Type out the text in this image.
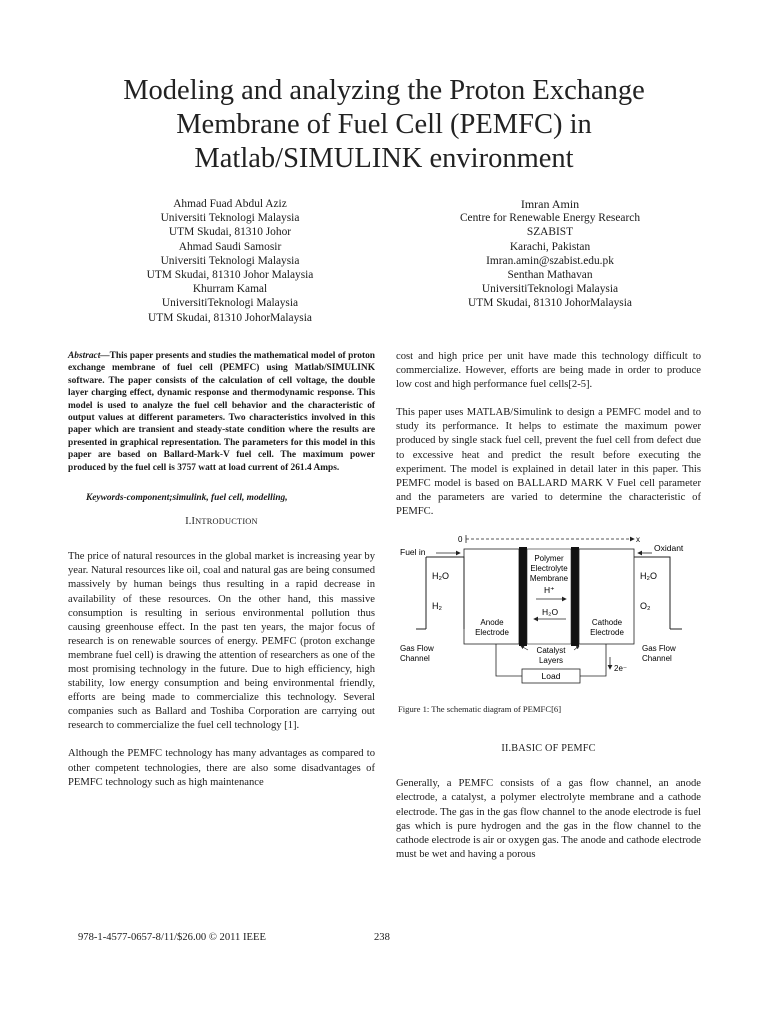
Modeling and analyzing the Proton Exchange
Membrane of Fuel Cell (PEMFC) in
Matlab/SIMULINK environment
Ahmad Fuad Abdul Aziz
Universiti Teknologi Malaysia
UTM Skudai, 81310 Johor
Ahmad Saudi Samosir
Universiti Teknologi Malaysia
UTM Skudai, 81310 Johor Malaysia
Khurram Kamal
UniversitiTeknologi Malaysia
UTM Skudai, 81310 JohorMalaysia
Imran Amin
Centre for Renewable Energy Research
SZABIST
Karachi, Pakistan
Imran.amin@szabist.edu.pk
Senthan Mathavan
UniversitiTeknologi Malaysia
UTM Skudai, 81310 JohorMalaysia

Abstract—This paper presents and studies the mathematical model of proton exchange membrane of fuel cell (PEMFC) using Matlab/SIMULINK software. The paper consists of the calculation of cell voltage, the double layer charging effect, dynamic response and thermodynamic response. This model is used to analyze the fuel cell behavior and the characteristic of output values at different parameters. Two characteristics involved in this paper which are transient and steady-state condition where the results are presented in graphical representation. The parameters for this model in this paper are based on Ballard-Mark-V fuel cell. The maximum power produced by the fuel cell is 3757 watt at load current of 261.4 Amps.

Keywords-component;simulink, fuel cell, modelling,

I.INTRODUCTION

The price of natural resources in the global market is increasing year by year. Natural resources like oil, coal and natural gas are being consumed massively by human beings thus resulting in a rapid decrease in availability of these resources. On the other hand, this massive consumption is resulting in serious environmental pollution thus causing greenhouse effect. In the past ten years, the major focus of research is on renewable sources of energy. PEMFC (proton exchange membrane fuel cell) is drawing the attention of researchers as one of the most promising technology in the future. Due to high efficiency, high stability, low energy consumption and being environmental friendly, efforts are being made to commercialize this technology. Several companies such as Ballard and Toshiba Corporation are carrying out research to commercialize the fuel cell technology [1].

Although the PEMFC technology has many advantages as compared to other competent technologies, there are also some disadvantages of PEMFC technology such as high maintenance

cost and high price per unit have made this technology difficult to commercialize. However, efforts are being made in order to produce low cost and high performance fuel cells[2-5].

This paper uses MATLAB/Simulink to design a PEMFC model and to study its performance. It helps to estimate the maximum power produced by single stack fuel cell, prevent the fuel cell from defect due to excessive heat and predict the result before executing the experiment. The model is explained in detail later in this paper. This PEMFC model is based on BALLARD MARK V Fuel cell parameter and the parameters are varied to determine the characteristic of PEMFC.

0	x
Fuel in	Oxidant
H₂O
H₂
Polymer
Electrolyte
Membrane
H⁺
H₂O
H₂O
O₂
Anode
Electrode
Cathode
Electrode
Gas Flow
Channel
Gas Flow
Channel
Catalyst
Layers
Load
2e⁻
Figure 1: The schematic diagram of PEMFC[6]
II.BASIC OF PEMFC

Generally, a PEMFC consists of a gas flow channel, an anode electrode, a catalyst, a polymer electrolyte membrane and a cathode electrode. The gas in the gas flow channel to the anode electrode is fuel gas which is pure hydrogen and the gas in the flow channel to the cathode electrode is air or oxygen gas. The anode and cathode electrode must be wet and having a porous

978-1-4577-0657-8/11/$26.00 © 2011 IEEE	238
